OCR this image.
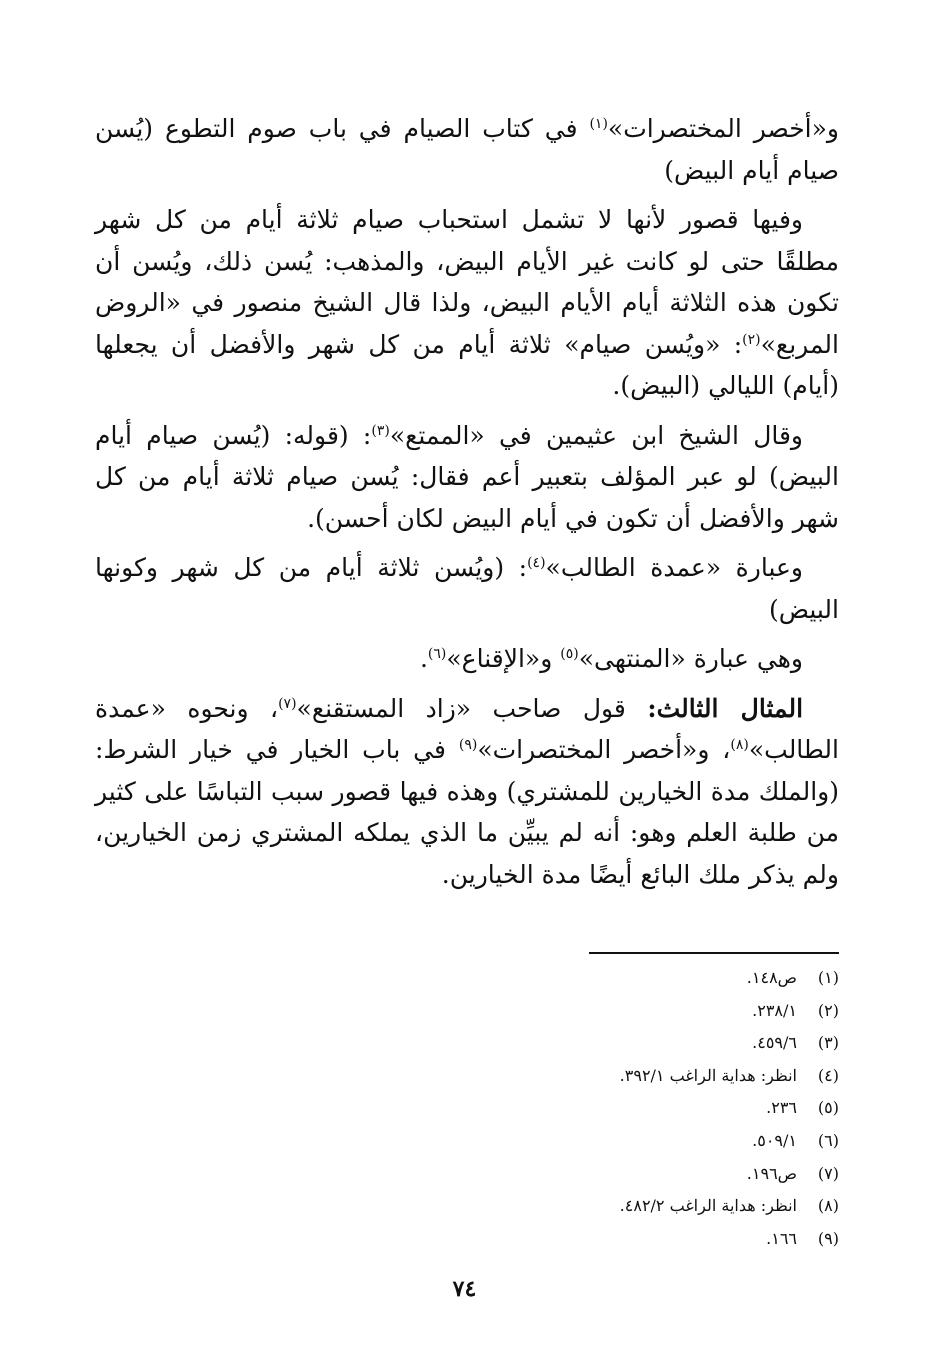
و«أخصر المختصرات»$^{(١)}$ في كتاب الصيام في باب صوم التطوع (يُسن صيام أيام البيض)

وفيها قصور لأنها لا تشمل استحباب صيام ثلاثة أيام من كل شهر مطلقًا حتى لو كانت غير الأيام البيض، والمذهب: يُسن ذلك، ويُسن أن تكون هذه الثلاثة أيام الأيام البيض، ولذا قال الشيخ منصور في «الروض المربع»$^{(٢)}$: «ويُسن صيام» ثلاثة أيام من كل شهر والأفضل أن يجعلها (أيام) الليالي (البيض).

وقال الشيخ ابن عثيمين في «الممتع»$^{(٣)}$: (قوله: (يُسن صيام أيام البيض) لو عبر المؤلف بتعبير أعم فقال: يُسن صيام ثلاثة أيام من كل شهر والأفضل أن تكون في أيام البيض لكان أحسن).

وعبارة «عمدة الطالب»$^{(٤)}$: (ويُسن ثلاثة أيام من كل شهر وكونها البيض)

وهي عبارة «المنتهى»$^{(٥)}$ و«الإقناع»$^{(٦)}$.

المثال الثالث: قول صاحب «زاد المستقنع»$^{(٧)}$، ونحوه «عمدة الطالب»$^{(٨)}$، و«أخصر المختصرات»$^{(٩)}$ في باب الخيار في خيار الشرط: (والملك مدة الخيارين للمشتري) وهذه فيها قصور سبب التباسًا على كثير من طلبة العلم وهو: أنه لم يبيِّن ما الذي يملكه المشتري زمن الخيارين، ولم يذكر ملك البائع أيضًا مدة الخيارين.

(١)ص١٤٨.
(٢)٢٣٨/١.
(٣)٤٥٩/٦.
(٤)انظر: هداية الراغب ٣٩٢/١.
(٥)٢٣٦.
(٦)٥٠٩/١.
(٧)ص١٩٦.
(٨)انظر: هداية الراغب ٤٨٢/٢.
(٩)١٦٦.
٧٤
